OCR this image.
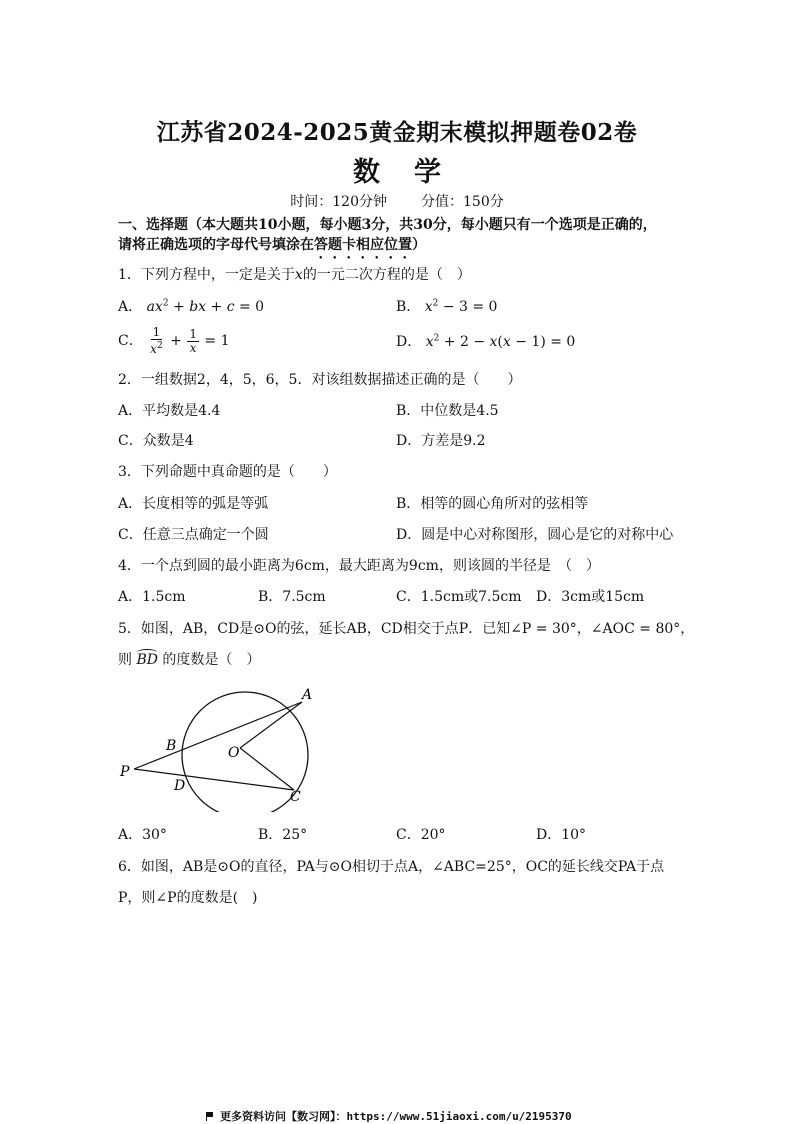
江苏省2024-2025黄金期末模拟押题卷02卷
数学
时间：120分钟 分值：150分
一、选择题（本大题共10小题，每小题3分，共30分，每小题只有一个选项是正确的，
请将正确选项的字母代号填涂在答题卡相应位置）
1．下列方程中，一定是关于x的一元二次方程的是（　）
A． $ax^2$ + bx + c = 0	B． $x^2 - 3 = 0$
C． $\frac{1}{x^2} + \frac{1}{x} = 1$	D． $x^2 + 2 - x(x - 1) = 0$
2．一组数据2，4，5，6，5．对该组数据描述正确的是（　　）
A．平均数是4.4	B．中位数是4.5
C．众数是4	D．方差是9.2
3．下列命题中真命题的是（　　）
A．长度相等的弧是等弧	B．相等的圆心角所对的弦相等
C．任意三点确定一个圆	D．圆是中心对称图形，圆心是它的对称中心
4．一个点到圆的最小距离为6cm，最大距离为9cm，则该圆的半径是　（　）
A．1.5cm	B．7.5cm	C．1.5cm或7.5cm D．3cm或15cm
5．如图，AB，CD是⊙O的弦，延长AB，CD相交于点P．已知∠P = 30°，∠AOC = 80°，
则 BD 的度数是（　）
A
B
C
D
O
P
A．30°	B．25°	C．20°	D．10°
6．如图，AB是⊙O的直径，PA与⊙O相切于点A，∠ABC=25°，OC的延长线交PA于点
P，则∠P的度数是(　)
更多资料访问【数习网】：https://www.51jiaoxi.com/u/2195370
